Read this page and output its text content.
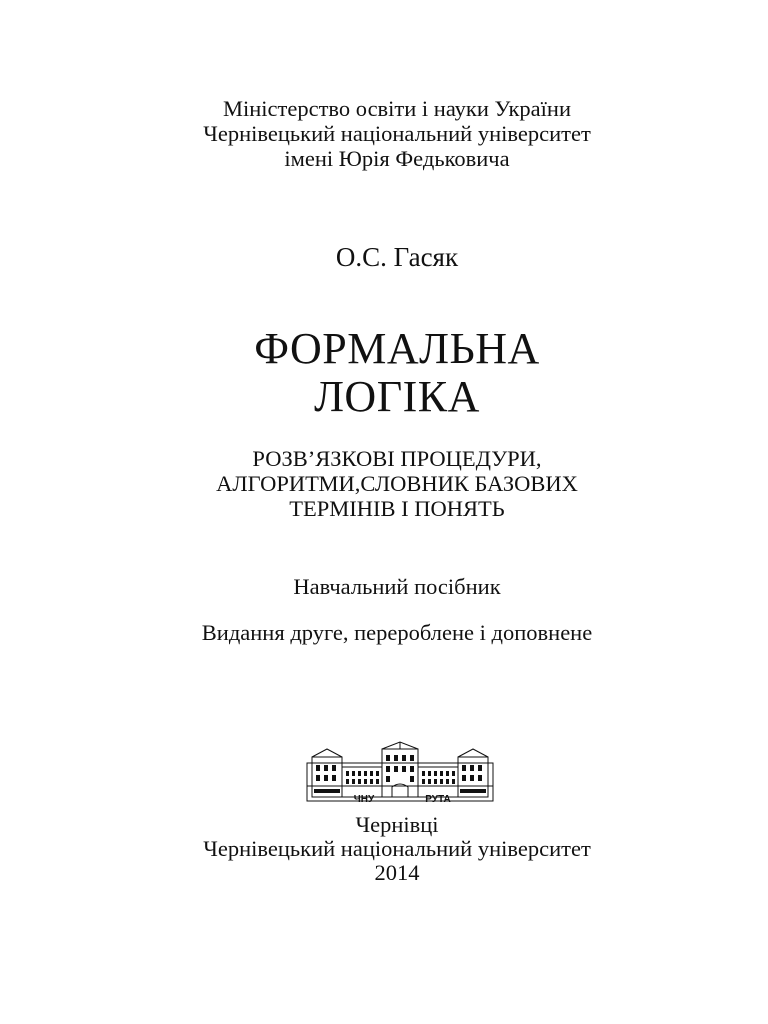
Міністерство освіти і науки України
Чернівецький національний університет
імені Юрія Федьковича
О.С. Гасяк
ФОРМАЛЬНА
ЛОГІКА
РОЗВ’ЯЗКОВІ ПРОЦЕДУРИ,
АЛГОРИТМИ,СЛОВНИК БАЗОВИХ
ТЕРМІНІВ І ПОНЯТЬ
Навчальний посібник
Видання друге, перероблене і доповнене
ЧНУ	РУТА
Чернівці
Чернівецький національний університет
2014
